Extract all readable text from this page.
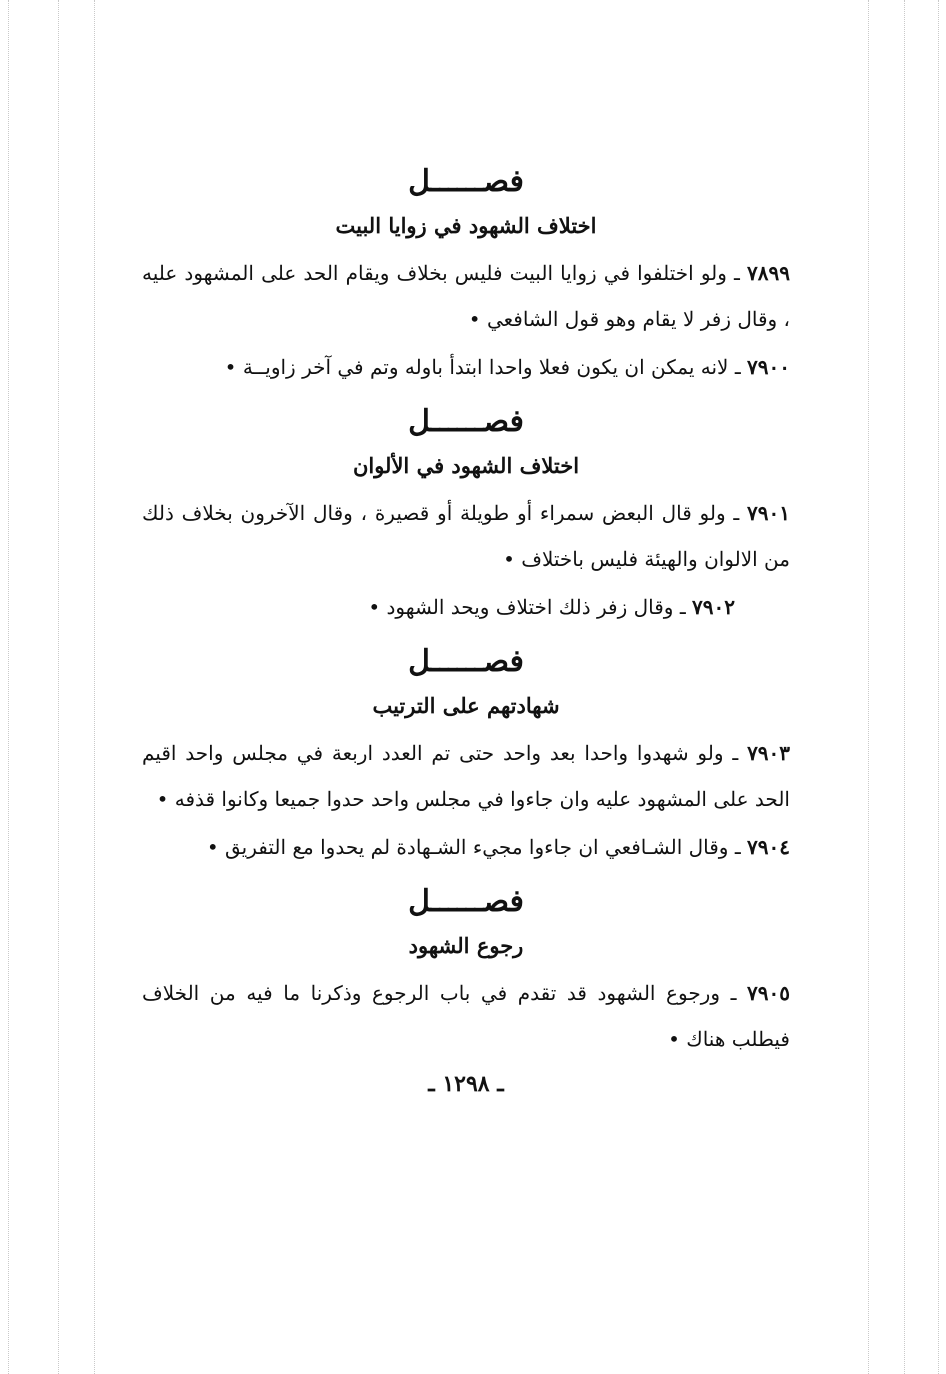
فصــــــل
اختلاف الشهود في زوايا البيت

٧٨٩٩ ـ ولو اختلفوا في زوايا البيت فليس بخلاف ويقام الحد على المشهود عليه ، وقال زفر لا يقام وهو قول الشافعي •

٧٩٠٠ ـ لانه يمكن ان يكون فعلا واحدا ابتدأ باوله وتم في آخر زاويــة •

فصــــــل
اختلاف الشهود في الألوان

٧٩٠١ ـ ولو قال البعض سمراء أو طويلة أو قصيرة ، وقال الآخرون بخلاف ذلك من الالوان والهيئة فليس باختلاف •

٧٩٠٢ ـ وقال زفر ذلك اختلاف ويحد الشهود •

فصــــــل
شهادتهم على الترتيب

٧٩٠٣ ـ ولو شهدوا واحدا بعد واحد حتى تم العدد اربعة في مجلس واحد اقيم الحد على المشهود عليه وان جاءوا في مجلس واحد حدوا جميعا وكانوا قذفه •

٧٩٠٤ ـ وقال الشـافعي ان جاءوا مجيء الشـهادة لم يحدوا مع التفريق •

فصــــــل
رجوع الشهود

٧٩٠٥ ـ ورجوع الشهود قد تقدم في باب الرجوع وذكرنا ما فيه من الخلاف فيطلب هناك •

ـ ١٢٩٨ ـ
